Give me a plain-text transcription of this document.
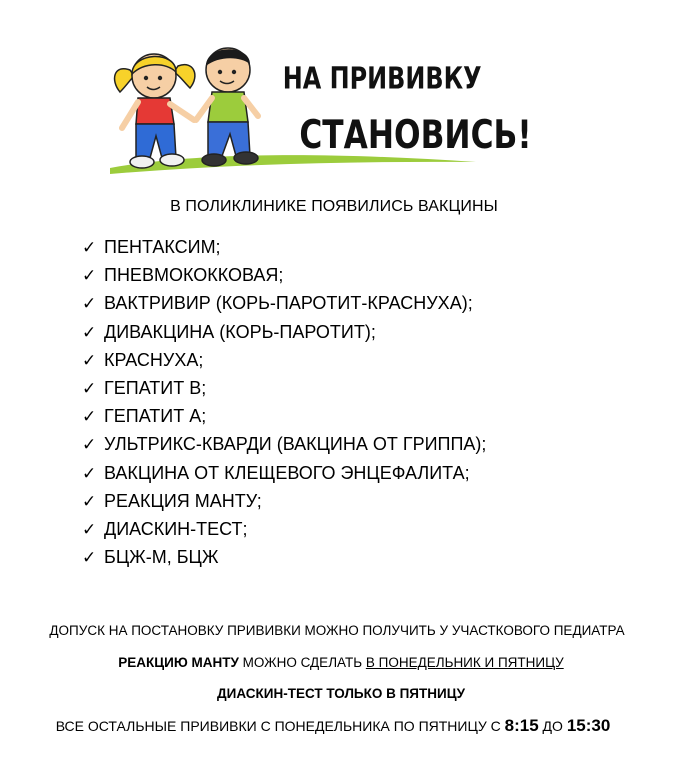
НА ПРИВИВКУ
СТАНОВИСЬ!
В ПОЛИКЛИНИКЕ ПОЯВИЛИСЬ ВАКЦИНЫ
✓ ПЕНТАКСИМ;
✓ ПНЕВМОКОККОВАЯ;
✓ ВАКТРИВИР (КОРЬ-ПАРОТИТ-КРАСНУХА);
✓ ДИВАКЦИНА (КОРЬ-ПАРОТИТ);
✓ КРАСНУХА;
✓ ГЕПАТИТ В;
✓ ГЕПАТИТ А;
✓ УЛЬТРИКС-КВАРДИ (ВАКЦИНА ОТ ГРИППА);
✓ ВАКЦИНА ОТ КЛЕЩЕВОГО ЭНЦЕФАЛИТА;
✓ РЕАКЦИЯ МАНТУ;
✓ ДИАСКИН-ТЕСТ;
✓ БЦЖ-М, БЦЖ
ДОПУСК НА ПОСТАНОВКУ ПРИВИВКИ МОЖНО ПОЛУЧИТЬ У УЧАСТКОВОГО ПЕДИАТРА
РЕАКЦИЮ МАНТУ МОЖНО СДЕЛАТЬ В ПОНЕДЕЛЬНИК И ПЯТНИЦУ
ДИАСКИН-ТЕСТ ТОЛЬКО В ПЯТНИЦУ
ВСЕ ОСТАЛЬНЫЕ ПРИВИВКИ С ПОНЕДЕЛЬНИКА ПО ПЯТНИЦУ С 8:15 ДО 15:30
